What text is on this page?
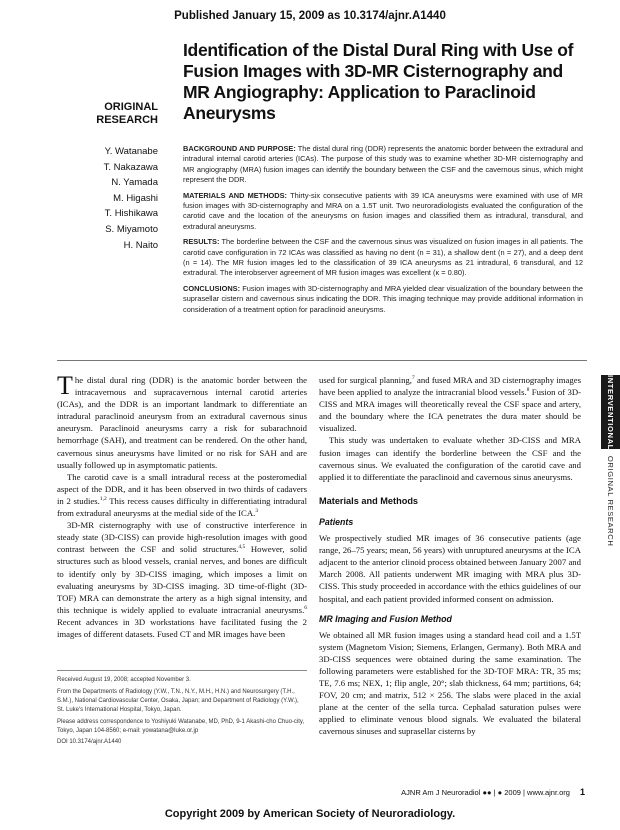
Published January 15, 2009 as 10.3174/ajnr.A1440
ORIGINAL RESEARCH
Identification of the Distal Dural Ring with Use of Fusion Images with 3D-MR Cisternography and MR Angiography: Application to Paraclinoid Aneurysms
Y. Watanabe
T. Nakazawa
N. Yamada
M. Higashi
T. Hishikawa
S. Miyamoto
H. Naito

BACKGROUND AND PURPOSE: The distal dural ring (DDR) represents the anatomic border between the extradural and intradural internal carotid arteries (ICAs). The purpose of this study was to examine whether 3D-MR cisternography and MR angiography (MRA) fusion images can identify the boundary between the CSF and the cavernous sinus, which might represent the DDR.

MATERIALS AND METHODS: Thirty-six consecutive patients with 39 ICA aneurysms were examined with use of MR fusion images with 3D-cisternography and MRA on a 1.5T unit. Two neuroradiologists evaluated the configuration of the carotid cave and the location of the aneurysms on fusion images and classified them as intradural, transdural, and extradural aneurysms.

RESULTS: The borderline between the CSF and the cavernous sinus was visualized on fusion images in all patients. The carotid cave configuration in 72 ICAs was classified as having no dent (n = 31), a shallow dent (n = 27), and a deep dent (n = 14). The MR fusion images led to the classification of 39 ICA aneurysms as 21 intradural, 6 transdural, and 12 extradural. The interobserver agreement of MR fusion images was excellent (κ = 0.80).

CONCLUSIONS: Fusion images with 3D-cisternography and MRA yielded clear visualization of the boundary between the suprasellar cistern and cavernous sinus indicating the DDR. This imaging technique may provide additional information in consideration of a treatment option for paraclinoid aneurysms.

INTERVENTIONALORIGINAL RESEARCH

The distal dural ring (DDR) is the anatomic border between the intracavernous and supracavernous internal carotid arteries (ICAs), and the DDR is an important landmark to differentiate an intradural paraclinoid aneurysm from an extradural cavernous sinus aneurysm. Paraclinoid aneurysms carry a risk for subarachnoid hemorrhage (SAH), and treatment can be rendered. On the other hand, cavernous sinus aneurysms have limited or no risk for SAH and are usually followed up in asymptomatic patients.

The carotid cave is a small intradural recess at the posteromedial aspect of the DDR, and it has been observed in two thirds of cadavers in 2 studies.$^{1,2}$ This recess causes difficulty in differentiating intradural from extradural aneurysms at the medial side of the ICA.$^3$

3D-MR cisternography with use of constructive interference in steady state (3D-CISS) can provide high-resolution images with good contrast between the CSF and solid structures.$^{4,5}$ However, solid structures such as blood vessels, cranial nerves, and bones are difficult to identify only by 3D-CISS imaging, which imposes a limit on evaluating aneurysms by 3D-CISS imaging. 3D time-of-flight (3D-TOF) MRA can demonstrate the artery as a high signal intensity, and this technique is widely applied to evaluate intracranial aneurysms.$^6$ Recent advances in 3D workstations have facilitated fusing the 2 images of different datasets. Fused CT and MR images have been

Received August 19, 2008; accepted November 3.

From the Departments of Radiology (Y.W., T.N., N.Y., M.H., H.N.) and Neurosurgery (T.H., S.M.), National Cardiovascular Center, Osaka, Japan; and Department of Radiology (Y.W.), St. Luke's International Hospital, Tokyo, Japan.

Please address correspondence to Yoshiyuki Watanabe, MD, PhD, 9-1 Akashi-cho Chuo-city, Tokyo, Japan 104-8560; e-mail: yowatana@luke.or.jp

DOI 10.3174/ajnr.A1440

used for surgical planning,$^7$ and fused MRA and 3D cisternography images have been applied to analyze the intracranial blood vessels.$^8$ Fusion of 3D-CISS and MRA images will theoretically reveal the CSF space and artery, and the boundary where the ICA penetrates the dura mater should be visualized.

This study was undertaken to evaluate whether 3D-CISS and MRA fusion images can identify the borderline between the CSF and the cavernous sinus. We evaluated the configuration of the carotid cave and applied it to differentiate the paraclinoid and cavernous sinus aneurysms.

Materials and Methods
Patients

We prospectively studied MR images of 36 consecutive patients (age range, 26–75 years; mean, 56 years) with unruptured aneurysms at the ICA adjacent to the anterior clinoid process obtained between January 2007 and March 2008. All patients underwent MR imaging with MRA plus 3D-CISS. This study proceeded in accordance with the ethics guidelines of our hospital, and each patient provided informed consent on admission.

MR Imaging and Fusion Method

We obtained all MR fusion images using a standard head coil and a 1.5T system (Magnetom Vision; Siemens, Erlangen, Germany). Both MRA and 3D-CISS sequences were obtained during the same examination. The following parameters were established for the 3D-TOF MRA: TR, 35 ms; TE, 7.6 ms; NEX, 1; flip angle, 20°; slab thickness, 64 mm; partitions, 64; FOV, 20 cm; and matrix, 512 × 256. The slabs were placed in the axial plane at the center of the sella turca. Cephalad saturation pulses were applied to eliminate venous blood signals. We evaluated the bilateral cavernous sinuses and suprasellar cisterns by

AJNR Am J Neuroradiol ●● | ● 2009 | www.ajnr.org 1
Copyright 2009 by American Society of Neuroradiology.
